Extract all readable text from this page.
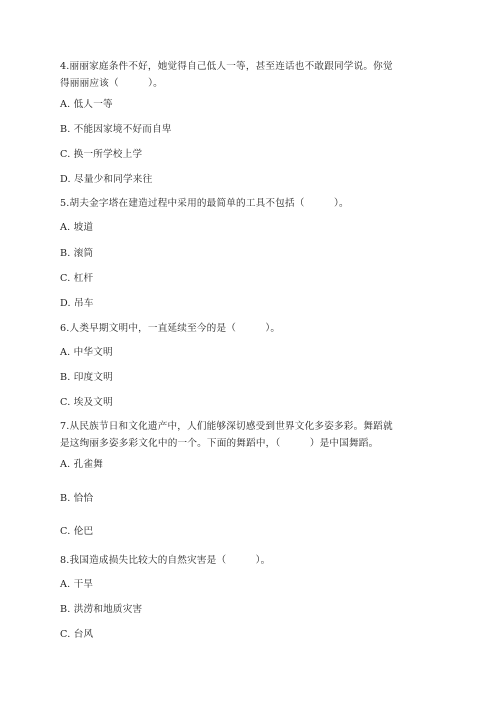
4.丽丽家庭条件不好，她觉得自己低人一等，甚至连话也不敢跟同学说。你觉
得丽丽应该（　　　）。
A. 低人一等
B. 不能因家境不好而自卑
C. 换一所学校上学
D. 尽量少和同学来往
5.胡夫金字塔在建造过程中采用的最简单的工具不包括（　　　）。
A. 坡道
B. 滚筒
C. 杠杆
D. 吊车
6.人类早期文明中，一直延续至今的是（　　　）。
A. 中华文明
B. 印度文明
C. 埃及文明
7.从民族节日和文化遗产中，人们能够深切感受到世界文化多姿多彩。舞蹈就
是这绚丽多姿多彩文化中的一个。下面的舞蹈中，（　　　）是中国舞蹈。
A. 孔雀舞
B. 恰恰
C. 伦巴
8.我国造成损失比较大的自然灾害是（　　　）。
A. 干旱
B. 洪涝和地质灾害
C. 台风
